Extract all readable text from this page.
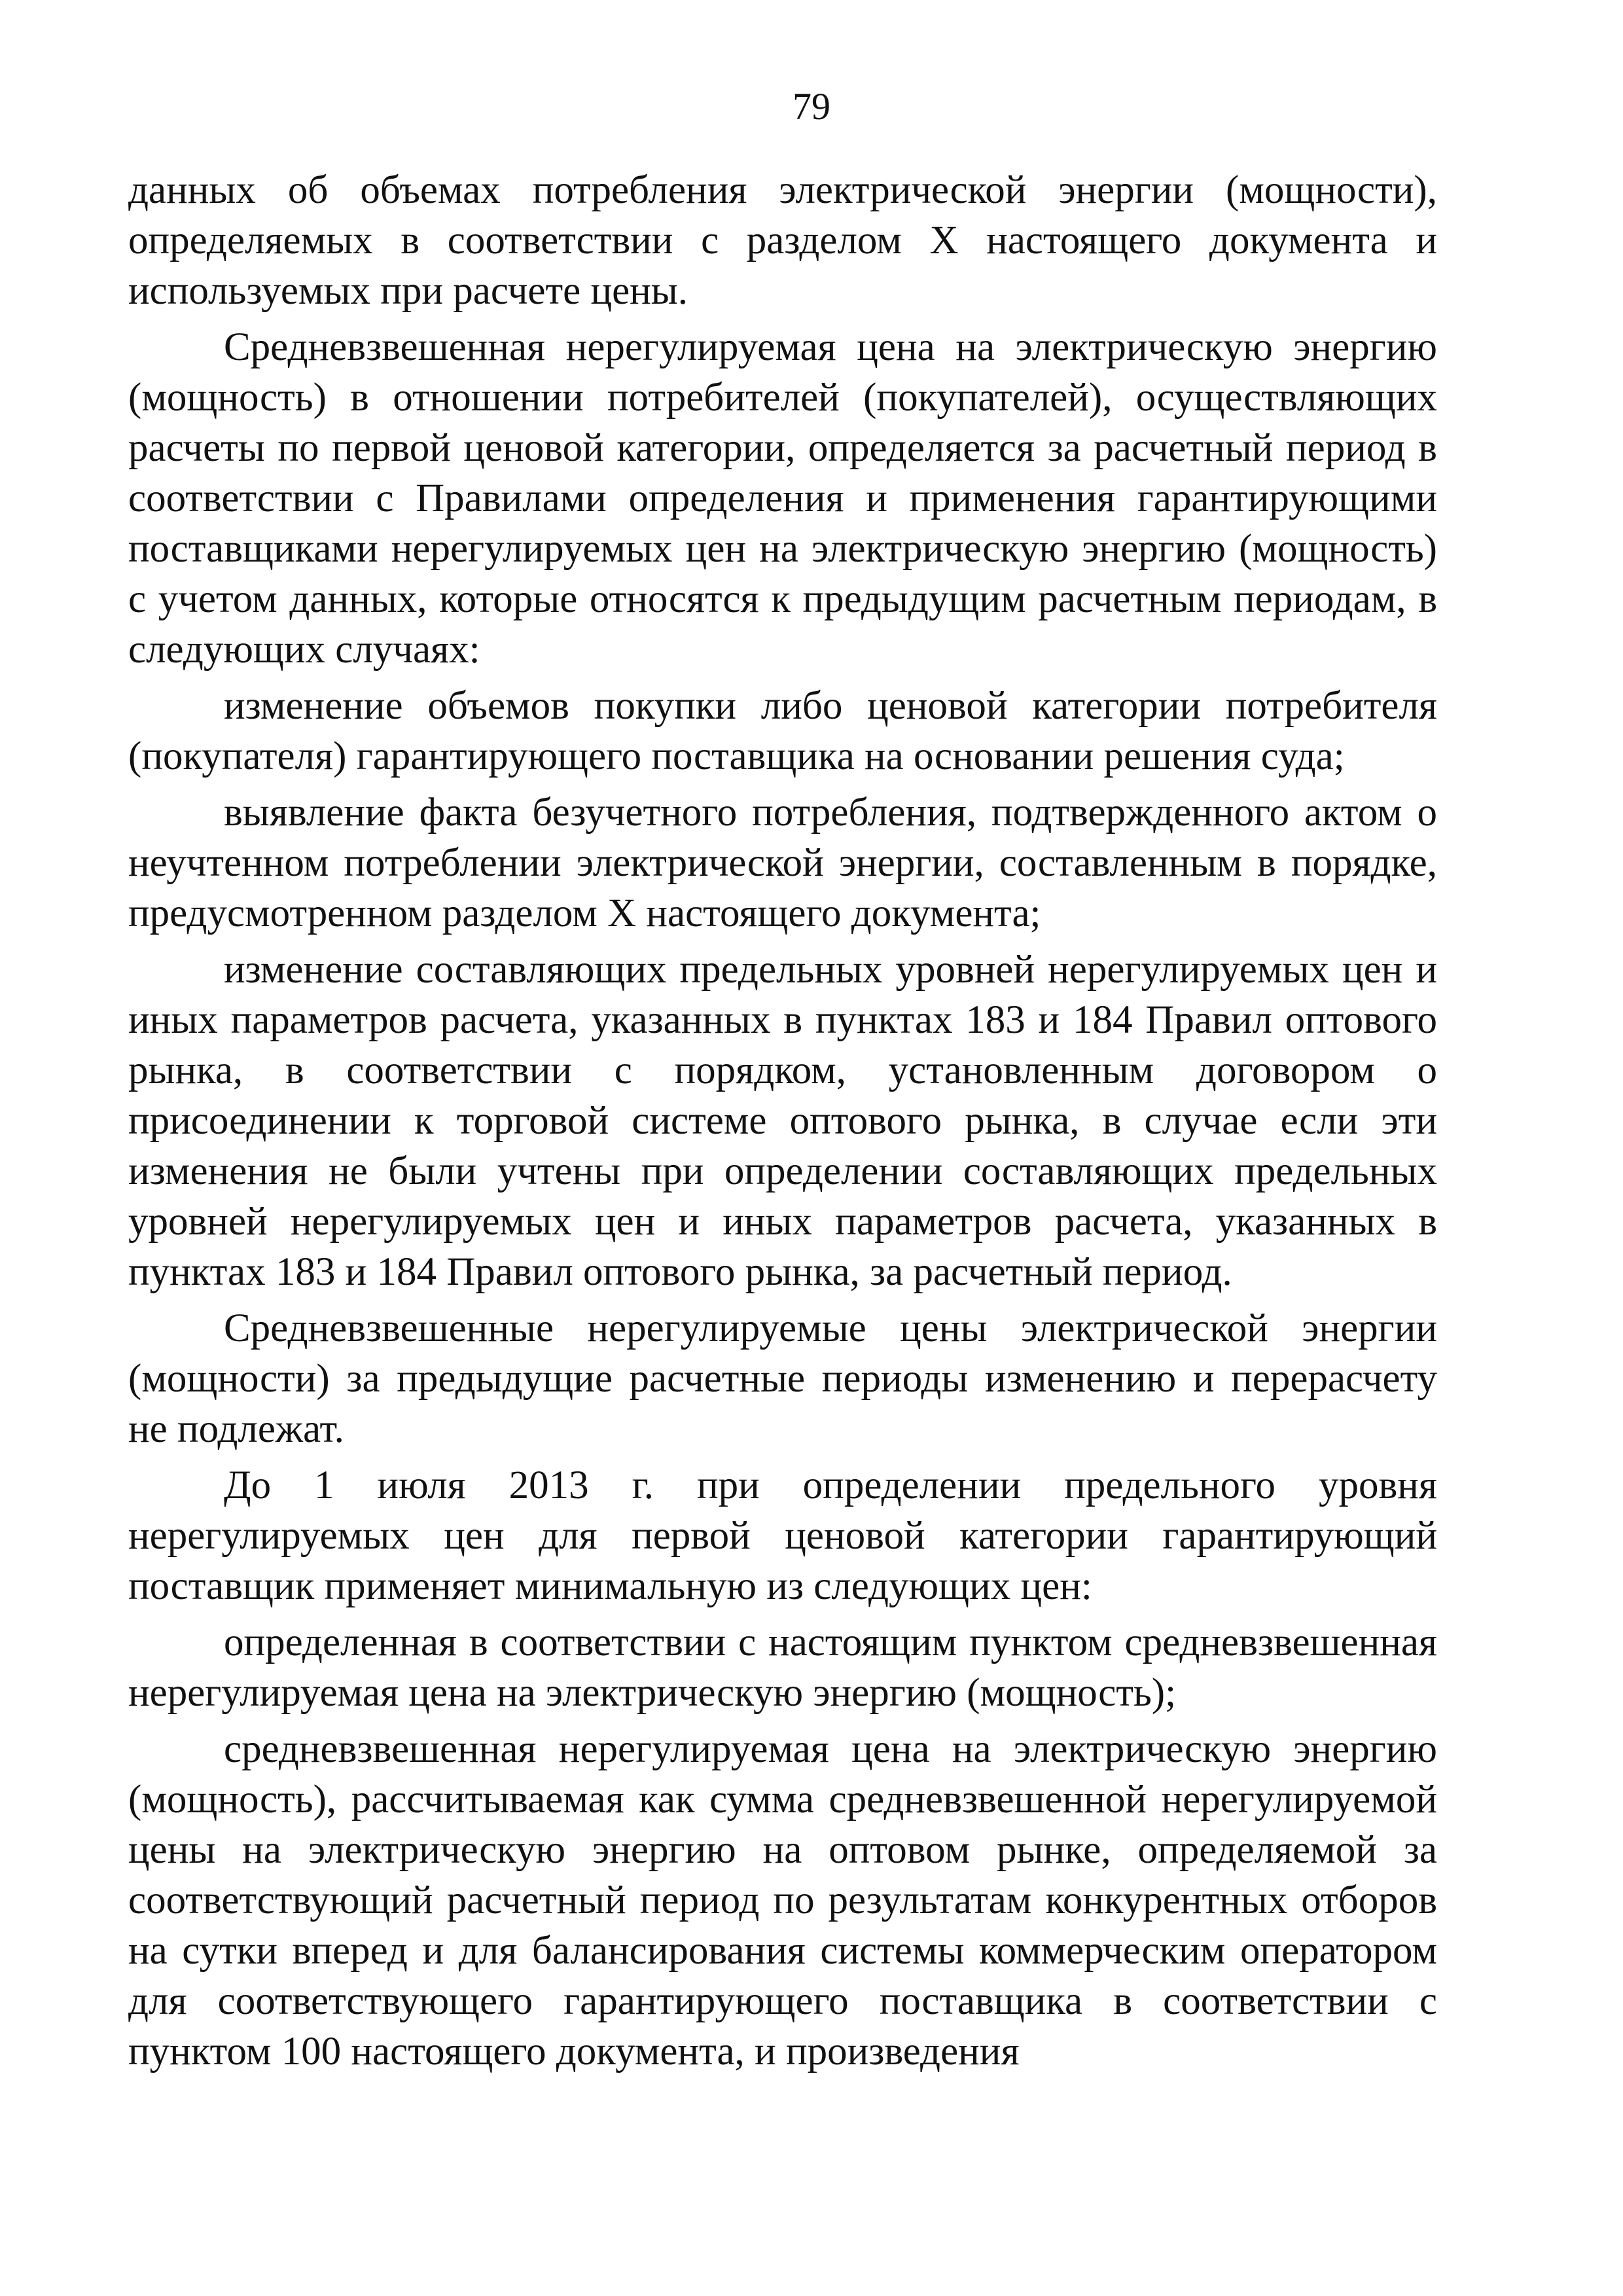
79

данных об объемах потребления электрической энергии (мощности), определяемых в соответствии с разделом X настоящего документа и используемых при расчете цены.

Средневзвешенная нерегулируемая цена на электрическую энергию (мощность) в отношении потребителей (покупателей), осуществляющих расчеты по первой ценовой категории, определяется за расчетный период в соответствии с Правилами определения и применения гарантирующими поставщиками нерегулируемых цен на электрическую энергию (мощность) с учетом данных, которые относятся к предыдущим расчетным периодам, в следующих случаях:

изменение объемов покупки либо ценовой категории потребителя (покупателя) гарантирующего поставщика на основании решения суда;

выявление факта безучетного потребления, подтвержденного актом о неучтенном потреблении электрической энергии, составленным в порядке, предусмотренном разделом X настоящего документа;

изменение составляющих предельных уровней нерегулируемых цен и иных параметров расчета, указанных в пунктах 183 и 184 Правил оптового рынка, в соответствии с порядком, установленным договором о присоединении к торговой системе оптового рынка, в случае если эти изменения не были учтены при определении составляющих предельных уровней нерегулируемых цен и иных параметров расчета, указанных в пунктах 183 и 184 Правил оптового рынка, за расчетный период.

Средневзвешенные нерегулируемые цены электрической энергии (мощности) за предыдущие расчетные периоды изменению и перерасчету не подлежат.

До 1 июля 2013 г. при определении предельного уровня нерегулируемых цен для первой ценовой категории гарантирующий поставщик применяет минимальную из следующих цен:

определенная в соответствии с настоящим пунктом средневзвешенная нерегулируемая цена на электрическую энергию (мощность);

средневзвешенная нерегулируемая цена на электрическую энергию (мощность), рассчитываемая как сумма средневзвешенной нерегулируемой цены на электрическую энергию на оптовом рынке, определяемой за соответствующий расчетный период по результатам конкурентных отборов на сутки вперед и для балансирования системы коммерческим оператором для соответствующего гарантирующего поставщика в соответствии с пунктом 100 настоящего документа, и произведения
